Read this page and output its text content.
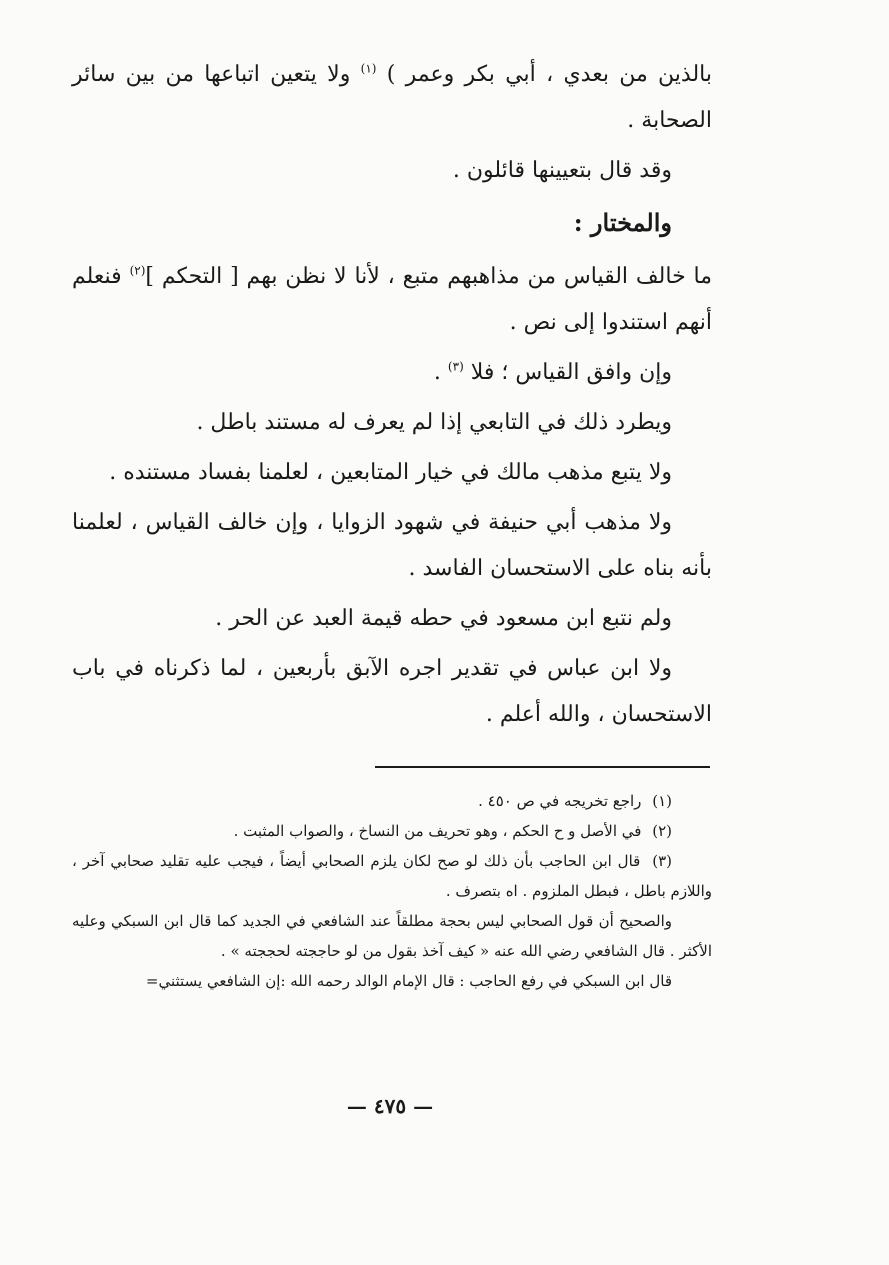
بالذين من بعدي ، أبي بكر وعمر ) $^{(١)}$ ولا يتعين اتباعها من بين سائر الصحابة .

وقد قال بتعيينها قائلون .

والمختار :

ما خالف القياس من مذاهبهم متبع ، لأنا لا نظن بهم [ التحكم ]$^{(٢)}$ فنعلم أنهم استندوا إلى نص .

وإن وافق القياس ؛ فلا $^{(٣)}$ .

ويطرد ذلك في التابعي إذا لم يعرف له مستند باطل .

ولا يتبع مذهب مالك في خيار المتابعين ، لعلمنا بفساد مستنده .

ولا مذهب أبي حنيفة في شهود الزوايا ، وإن خالف القياس ، لعلمنا بأنه بناه على الاستحسان الفاسد .

ولم نتبع ابن مسعود في حطه قيمة العبد عن الحر .

ولا ابن عباس في تقدير اجره الآبق بأربعين ، لما ذكرناه في باب الاستحسان ، والله أعلم .

(١) راجع تخريجه في ص ٤٥٠ .

(٢) في الأصل و ح الحكم ، وهو تحريف من النساخ ، والصواب المثبت .

(٣) قال ابن الحاجب بأن ذلك لو صح لكان يلزم الصحابي أيضاً ، فيجب عليه تقليد صحابي آخر ، واللازم باطل ، فبطل الملزوم . اه بتصرف .

والصحيح أن قول الصحابي ليس بحجة مطلقاً عند الشافعي في الجديد كما قال ابن السبكي وعليه الأكثر . قال الشافعي رضي الله عنه « كيف آخذ بقول من لو حاججته لحججته » .

قال ابن السبكي في رفع الحاجب : قال الإمام الوالد رحمه الله :إن الشافعي يستثني=

— ٤٧٥ —
